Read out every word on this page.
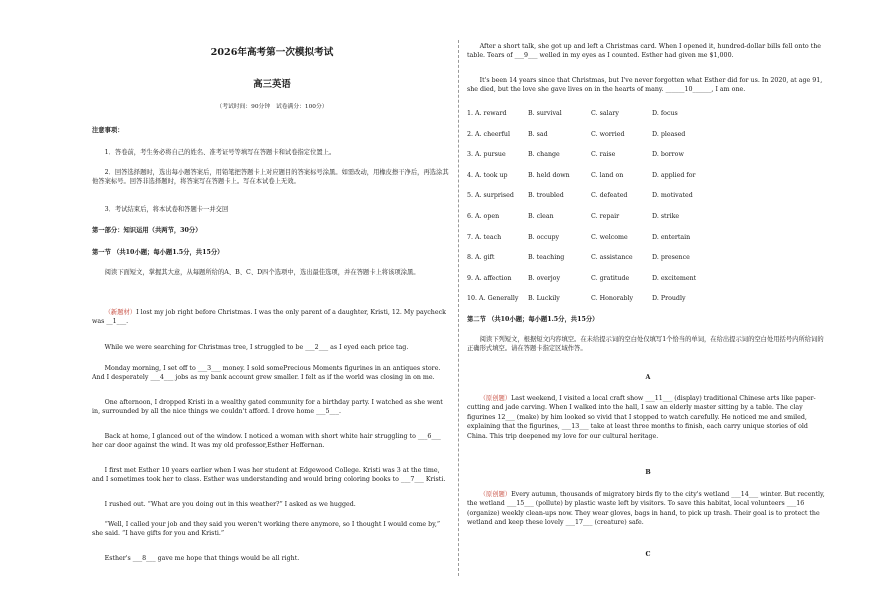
2026年高考第一次模拟考试
高三英语
（考试时间：90分钟　试卷满分：100分）
注意事项：
1．答卷前，考生务必将自己的姓名、准考证号等填写在答题卡和试卷指定位置上。
2．回答选择题时，选出每小题答案后，用铅笔把答题卡上对应题目的答案标号涂黑。如需改动，用橡皮擦干净后，再选涂其他答案标号。回答非选择题时，将答案写在答题卡上。写在本试卷上无效。
3．考试结束后，将本试卷和答题卡一并交回
第一部分：知识运用（共两节，30分）
第一节 （共10小题；每小题1.5分，共15分）
阅读下面短文，掌握其大意，从每题所给的A、B、C、D四个选项中，选出最佳选项，并在答题卡上将该项涂黑。
（新题材）I lost my job right before Christmas. I was the only parent of a daughter, Kristi, 12. My paycheck was __1___.
While we were searching for Christmas tree, I struggled to be ___2___ as I eyed each price tag.
Monday morning, I set off to ___3___ money. I sold somePrecious Moments figurines in an antiques store. And I desperately ___4___ jobs as my bank account grew smaller. I felt as if the world was closing in on me.
One afternoon, I dropped Kristi in a wealthy gated community for a birthday party. I watched as she went in, surrounded by all the nice things we couldn't afford. I drove home ___5___.
Back at home, I glanced out of the window. I noticed a woman with short white hair struggling to ___6___ her car door against the wind. It was my old professor,Esther Heffernan.
I first met Esther 10 years earlier when I was her student at Edgewood College. Kristi was 3 at the time, and I sometimes took her to class. Esther was understanding and would bring coloring books to ___7___ Kristi.
I rushed out. “What are you doing out in this weather?” I asked as we hugged.
“Well, I called your job and they said you weren't working there anymore, so I thought I would come by,” she said. “I have gifts for you and Kristi.”
Esther's ___8___ gave me hope that things would be all right.
After a short talk, she got up and left a Christmas card. When I opened it, hundred-dollar bills fell onto the table. Tears of ___9___ welled in my eyes as I counted. Esther had given me $1,000.
It's been 14 years since that Christmas, but I've never forgotten what Esther did for us. In 2020, at age 91, she died, but the love she gave lives on in the hearts of many. ______10______, I am one.
1. A. reward	B. survival	C. salary	D. focus
2. A. cheerful	B. sad	C. worried	D. pleased
3. A. pursue	B. change	C. raise	D. borrow
4. A. took up	B. held down	C. land on	D. applied for
5. A. surprised B. troubled	C. defeated	D. motivated
6. A. open	B. clean	C. repair	D. strike
7. A. teach	B. occupy	C. welcome	D. entertain
8. A. gift	B. teaching	C. assistance	D. presence
9. A. affection	B. overjoy	C. gratitude	D. excitement
10. A. Generally B. Luckily	C. Honorably	D. Proudly
第二节 （共10小题；每小题1.5分，共15分）
阅读下列短文，根据短文内容填空。在未给提示词的空白处仅填写1个恰当的单词，在给出提示词的空白处用括号内所给词的正确形式填空。请在答题卡指定区域作答。
A
（原创题）Last weekend, I visited a local craft show ___11___ (display) traditional Chinese arts like paper-cutting and jade carving. When I walked into the hall, I saw an elderly master sitting by a table. The clay figurines 12___ (make) by him looked so vivid that I stopped to watch carefully. He noticed me and smiled, explaining that the figurines, ___13___ take at least three months to finish, each carry unique stories of old China. This trip deepened my love for our cultural heritage.
B
（原创题）Every autumn, thousands of migratory birds fly to the city's wetland ___14___ winter. But recently, the wetland ___15___ (pollute) by plastic waste left by visitors. To save this habitat, local volunteers ___16 (organize) weekly clean-ups now. They wear gloves, bags in hand, to pick up trash. Their goal is to protect the wetland and keep these lovely ___17___ (creature) safe.
C
